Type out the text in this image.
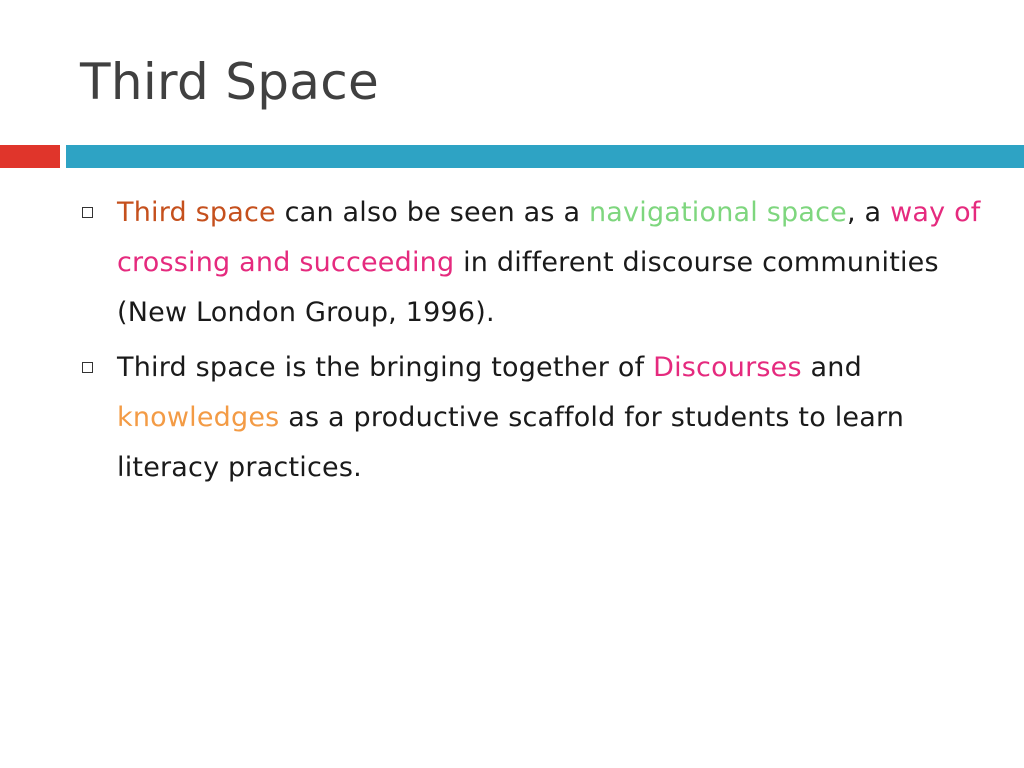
Third Space
Third space can also be seen as a navigational space, a way of crossing and succeeding in different discourse communities (New London Group, 1996).
Third space is the bringing together of Discourses and knowledges as a productive scaffold for students to learn literacy practices.
